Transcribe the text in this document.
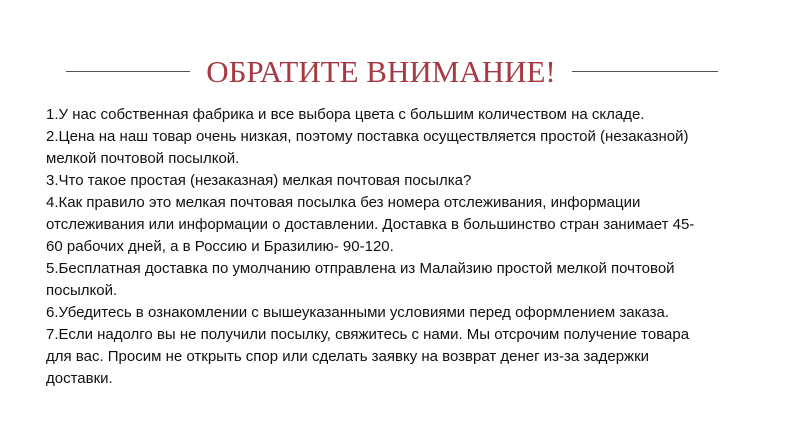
ОБРАТИТЕ ВНИМАНИЕ!
1.У нас собственная фабрика и все выбора цвета с большим количеством на складе.
2.Цена на наш товар очень низкая, поэтому поставка осуществляется простой (незаказной)
мелкой почтовой посылкой.
3.Что такое простая (незаказная) мелкая почтовая посылка?
4.Как правило это мелкая почтовая посылка без номера отслеживания, информации
отслеживания или информации о доставлении. Доставка в большинство стран занимает 45-
60 рабочих дней, а в Россию и Бразилию- 90-120.
5.Бесплатная доставка по умолчанию отправлена из Малайзию простой мелкой почтовой
посылкой.
6.Убедитесь в ознакомлении с вышеуказанными условиями перед оформлением заказа.
7.Если надолго вы не получили посылку, свяжитесь с нами. Мы отсрочим получение товара
для вас. Просим не открыть спор или сделать заявку на возврат денег из-за задержки
доставки.
